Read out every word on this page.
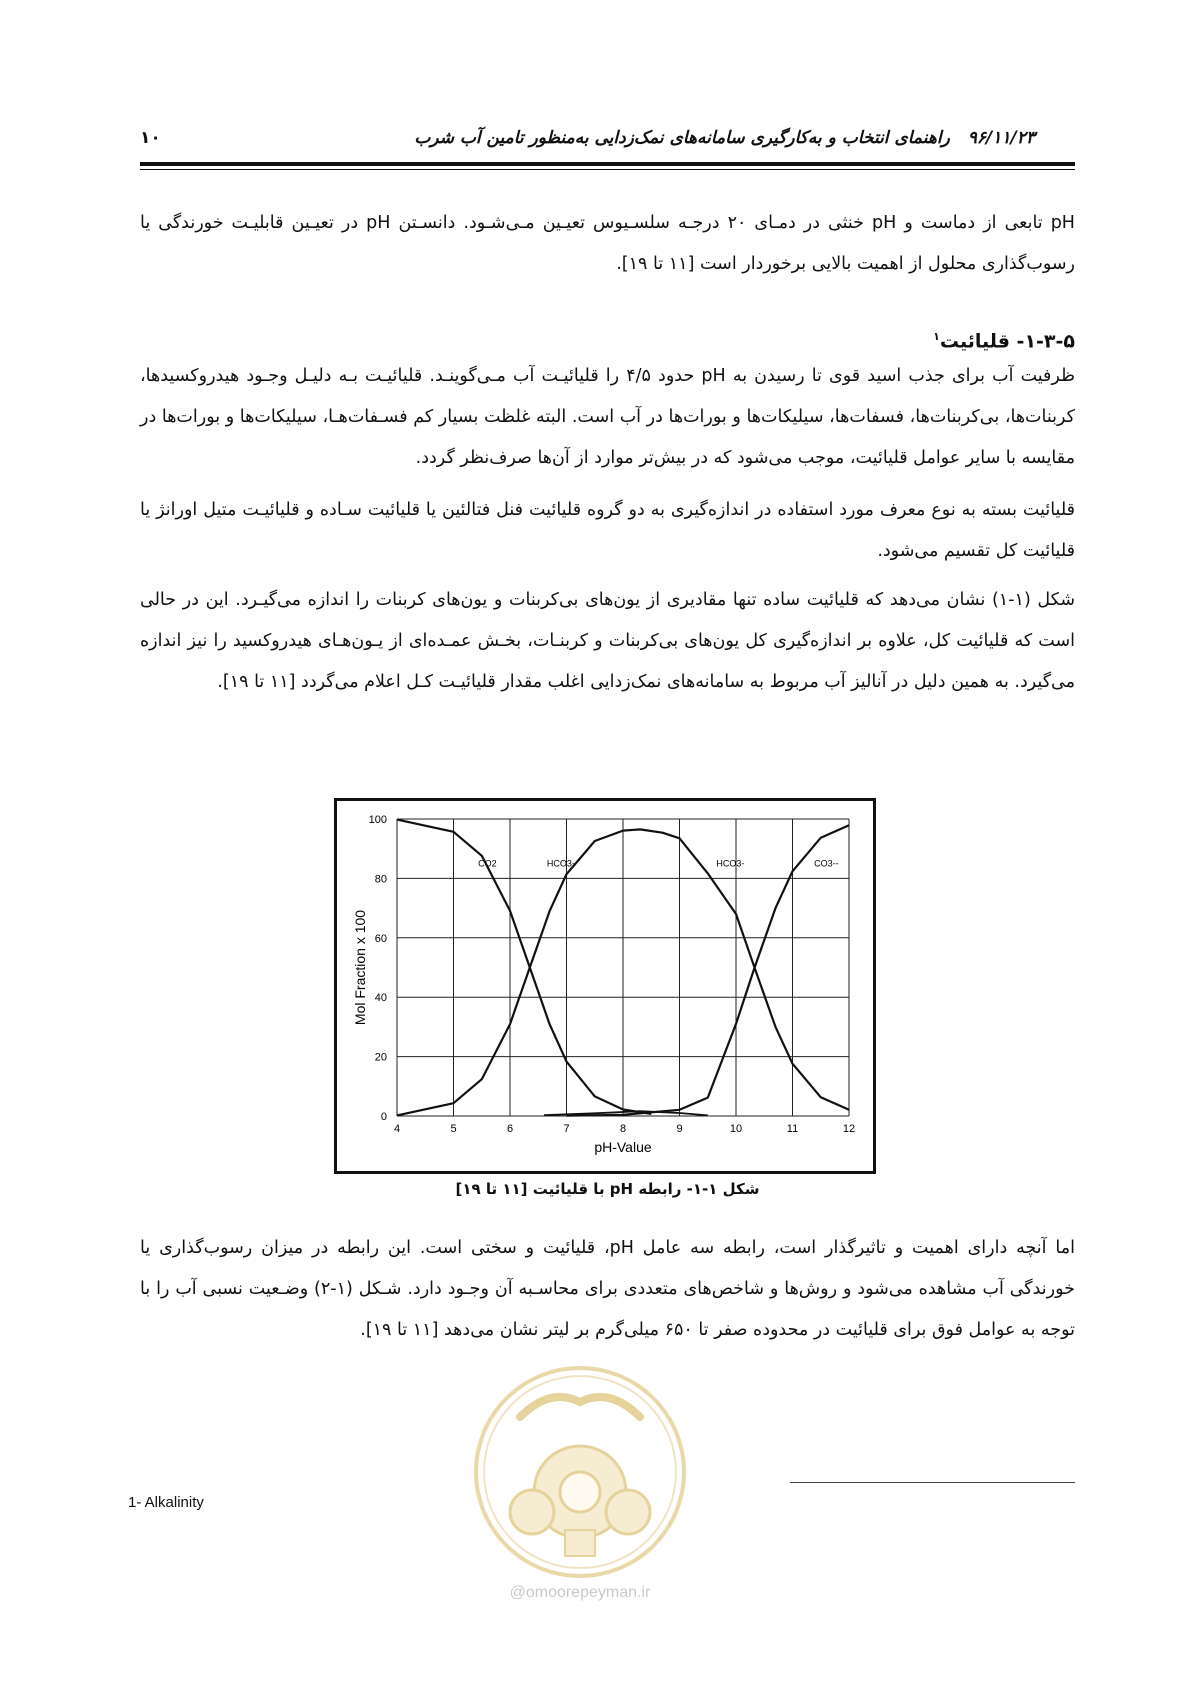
۹۶/۱۱/۲۳راهنمای انتخاب و به‌کارگیری سامانه‌های نمک‌زدایی به‌منظور تامین آب شرب
۱۰
pH تابعی از دماست و pH خنثی در دمـای ۲۰ درجـه سلسـیوس تعیـین مـی‌شـود. دانسـتن pH در تعیـین قابلیـت خورندگی یا رسوب‌گذاری محلول از اهمیت بالایی برخوردار است [۱۱ تا ۱۹].
۱-۳-۵- قلیائیت$^۱$
ظرفیت آب برای جذب اسید قوی تا رسیدن به pH حدود ۴/۵ را قلیائیـت آب مـی‌گوینـد. قلیائیـت بـه دلیـل وجـود هیدروکسیدها، کربنات‌ها، بی‌کربنات‌ها، فسفات‌ها، سیلیکات‌ها و بورات‌ها در آب است. البته غلظت بسیار کم فسـفات‌هـا، سیلیکات‌ها و بورات‌ها در مقایسه با سایر عوامل قلیائیت، موجب می‌شود که در بیش‌تر موارد از آن‌ها صرف‌نظر گردد.
قلیائیت بسته به نوع معرف مورد استفاده در اندازه‌گیری به دو گروه قلیائیت فنل فتالئین یا قلیائیت سـاده و قلیائیـت متیل اورانژ یا قلیائیت کل تقسیم می‌شود.
شکل (۱-۱) نشان می‌دهد که قلیائیت ساده تنها مقادیری از یون‌های بی‌کربنات و یون‌های کربنات را اندازه می‌گیـرد. این در حالی است که قلیائیت کل، علاوه بر اندازه‌گیری کل یون‌های بی‌کربنات و کربنـات، بخـش عمـده‌ای از یـون‌هـای هیدروکسید را نیز اندازه می‌گیرد. به همین دلیل در آنالیز آب مربوط به سامانه‌های نمک‌زدایی اغلب مقدار قلیائیـت کـل اعلام می‌گردد [۱۱ تا ۱۹].
4	5	6	7	8	9	10	11	12
0
20
40
60
80
100
pH-Value
Mol Fraction x 100
CO2	HCO3-	HCO3-	CO3--
شکل ۱-۱- رابطه pH با قلیائیت [۱۱ تا ۱۹]
اما آنچه دارای اهمیت و تاثیرگذار است، رابطه سه عامل pH، قلیائیت و سختی است. این رابطه در میزان رسوب‌گذاری یا خورندگی آب مشاهده می‌شود و روش‌ها و شاخص‌های متعددی برای محاسـبه آن وجـود دارد. شـکل (۱-۲) وضـعیت نسبی آب را با توجه به عوامل فوق برای قلیائیت در محدوده صفر تا ۶۵۰ میلی‌گرم بر لیتر نشان می‌دهد [۱۱ تا ۱۹].
1- Alkalinity
@omoorepeyman.ir
